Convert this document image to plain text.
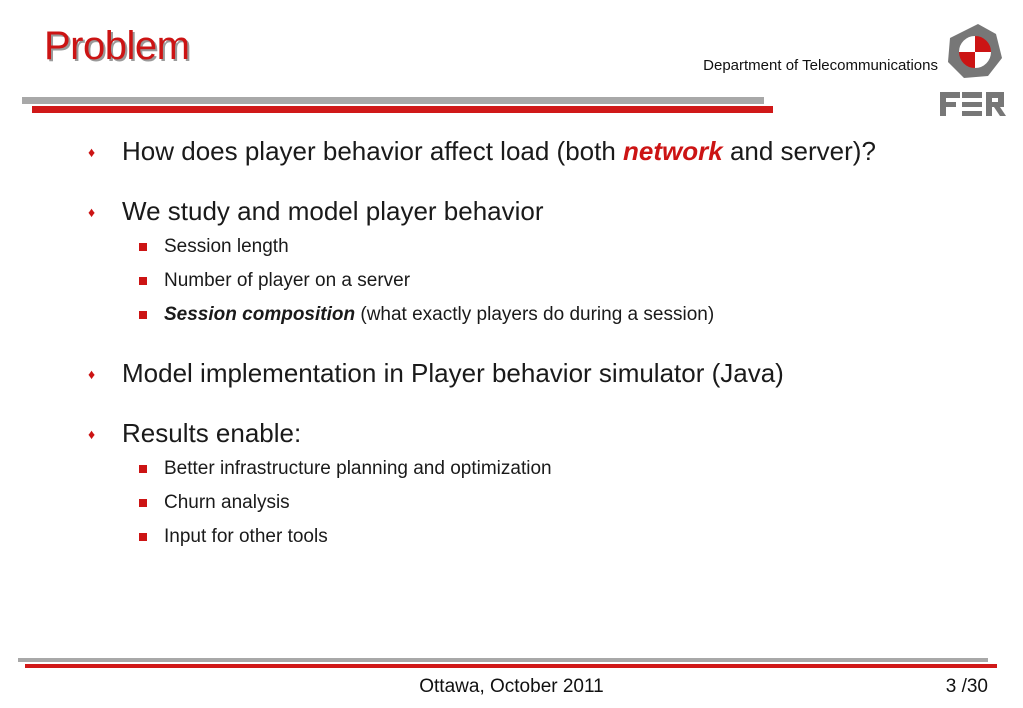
Problem	Department of Telecommunications

♦ How does player behavior affect load (both network and server)?

♦ We study and model player behavior

Session length

Number of player on a server

Session composition (what exactly players do during a session)

♦ Model implementation in Player behavior simulator (Java)

♦ Results enable:

Better infrastructure planning and optimization

Churn analysis

Input for other tools

Ottawa, October 2011	3 /30
